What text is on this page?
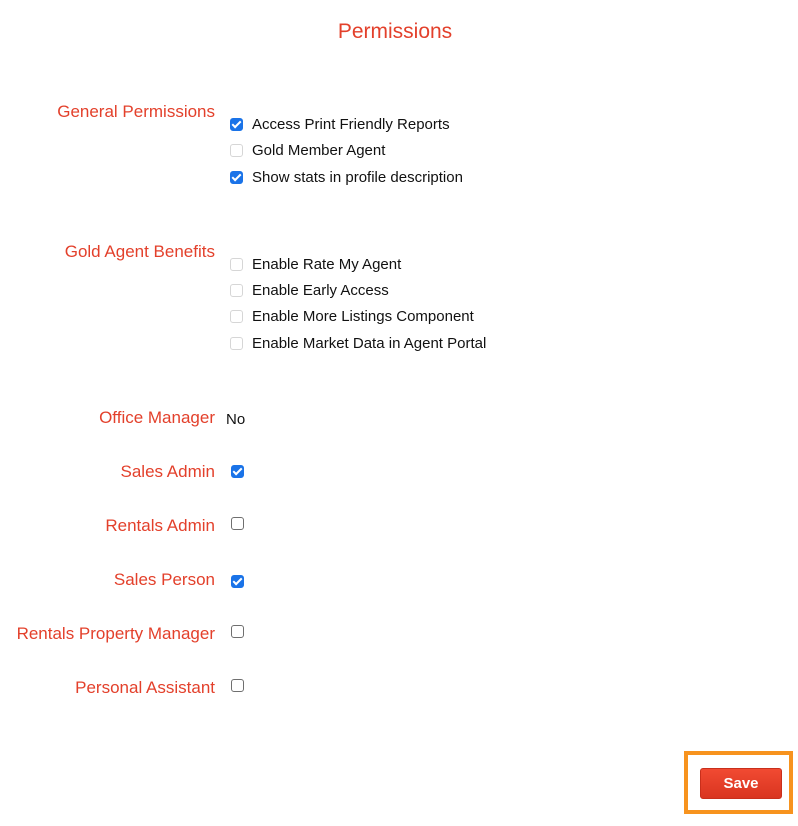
Permissions
General Permissions
Access Print Friendly Reports
Gold Member Agent
Show stats in profile description
Gold Agent Benefits
Enable Rate My Agent
Enable Early Access
Enable More Listings Component
Enable Market Data in Agent Portal
Office Manager No
Sales Admin
Rentals Admin
Sales Person
Rentals Property Manager
Personal Assistant
Save
